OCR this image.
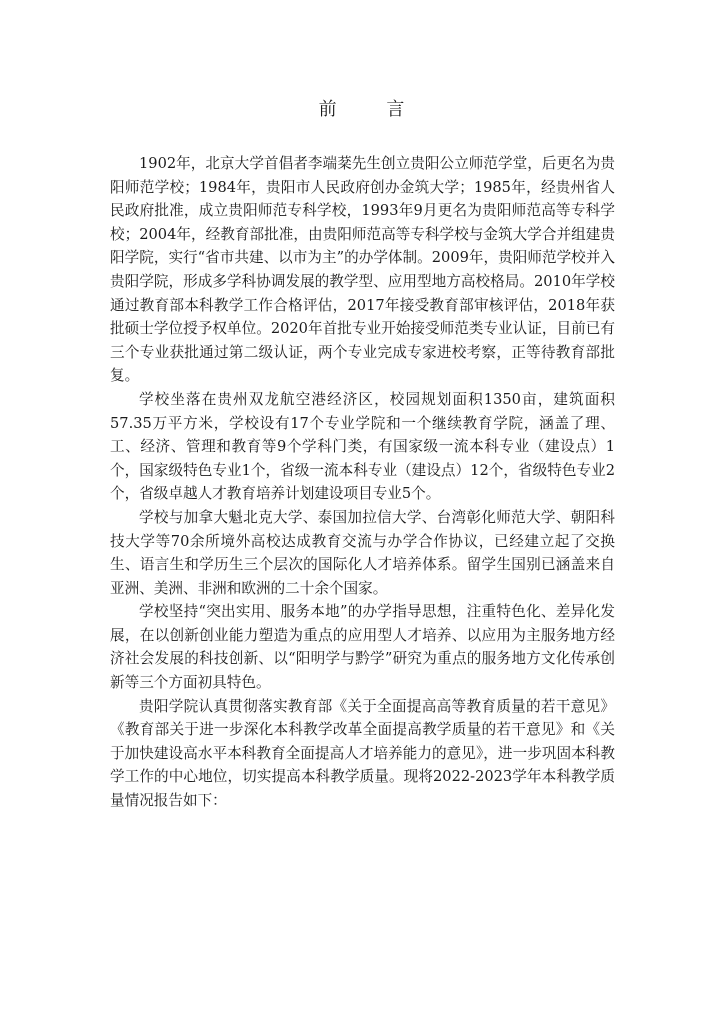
前 言

1902年，北京大学首倡者李端棻先生创立贵阳公立师范学堂，后更名为贵阳师范学校；1984年，贵阳市人民政府创办金筑大学；1985年，经贵州省人民政府批准，成立贵阳师范专科学校，1993年9月更名为贵阳师范高等专科学校；2004年，经教育部批准，由贵阳师范高等专科学校与金筑大学合并组建贵阳学院，实行“省市共建、以市为主”的办学体制。2009年，贵阳师范学校并入贵阳学院，形成多学科协调发展的教学型、应用型地方高校格局。2010年学校通过教育部本科教学工作合格评估，2017年接受教育部审核评估，2018年获批硕士学位授予权单位。2020年首批专业开始接受师范类专业认证，目前已有三个专业获批通过第二级认证，两个专业完成专家进校考察，正等待教育部批复。

学校坐落在贵州双龙航空港经济区，校园规划面积1350亩，建筑面积57.35万平方米，学校设有17个专业学院和一个继续教育学院，涵盖了理、工、经济、管理和教育等9个学科门类，有国家级一流本科专业（建设点）1个，国家级特色专业1个，省级一流本科专业（建设点）12个，省级特色专业2个，省级卓越人才教育培养计划建设项目专业5个。

学校与加拿大魁北克大学、泰国加拉信大学、台湾彰化师范大学、朝阳科技大学等70余所境外高校达成教育交流与办学合作协议，已经建立起了交换生、语言生和学历生三个层次的国际化人才培养体系。留学生国别已涵盖来自亚洲、美洲、非洲和欧洲的二十余个国家。

学校坚持“突出实用、服务本地”的办学指导思想，注重特色化、差异化发展，在以创新创业能力塑造为重点的应用型人才培养、以应用为主服务地方经济社会发展的科技创新、以“阳明学与黔学”研究为重点的服务地方文化传承创新等三个方面初具特色。

贵阳学院认真贯彻落实教育部《关于全面提高高等教育质量的若干意见》《教育部关于进一步深化本科教学改革全面提高教学质量的若干意见》和《关于加快建设高水平本科教育全面提高人才培养能力的意见》，进一步巩固本科教学工作的中心地位，切实提高本科教学质量。现将2022-2023学年本科教学质量情况报告如下：
